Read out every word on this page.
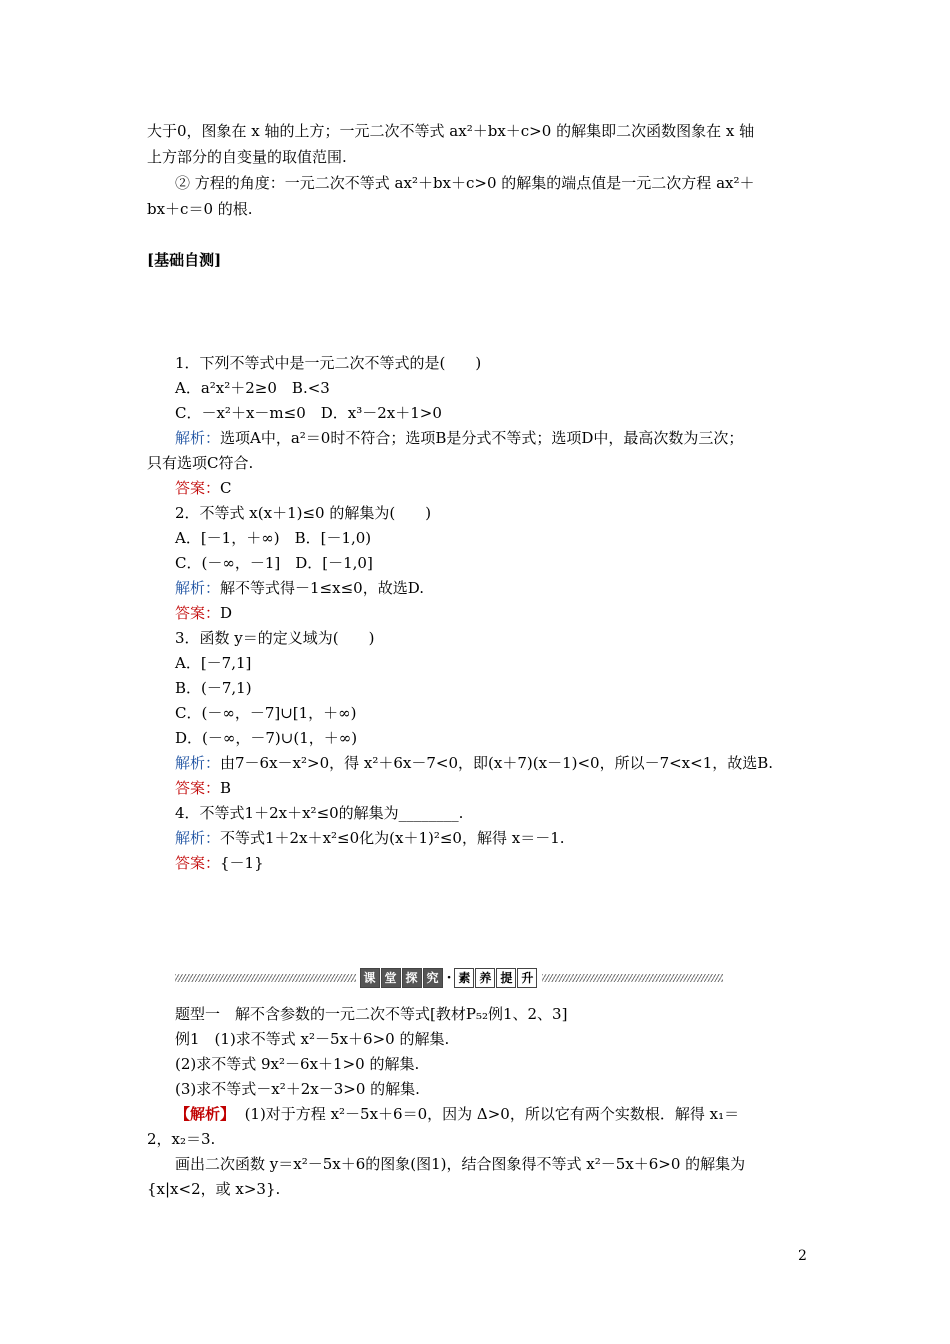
大于0，图象在 x 轴的上方；一元二次不等式 ax²＋bx＋c>0 的解集即二次函数图象在 x 轴
上方部分的自变量的取值范围.
② 方程的角度：一元二次不等式 ax²＋bx＋c>0 的解集的端点值是一元二次方程 ax²＋
bx＋c＝0 的根.
[基础自测]
1．下列不等式中是一元二次不等式的是(　　)
A．a²x²＋2≥0　B.<3
C．－x²＋x－m≤0　D．x³－2x＋1>0
解析：选项A中，a²＝0时不符合；选项B是分式不等式；选项D中，最高次数为三次；
只有选项C符合.
答案：C
2．不等式 x(x＋1)≤0 的解集为(　　)
A．[－1，＋∞)　B．[－1,0)
C．(－∞，－1]　D．[－1,0]
解析：解不等式得－1≤x≤0，故选D.
答案：D
3．函数 y＝的定义域为(　　)
A．[－7,1]
B．(－7,1)
C．(－∞，－7]∪[1，＋∞)
D．(－∞，－7)∪(1，＋∞)
解析：由7－6x－x²>0，得 x²＋6x－7<0，即(x＋7)(x－1)<0，所以－7<x<1，故选B.
答案：B
4．不等式1＋2x＋x²≤0的解集为________.
解析：不等式1＋2x＋x²≤0化为(x＋1)²≤0，解得 x＝－1.
答案：{－1}
课 堂 探 究 · 素 养 提 升
题型一　解不含参数的一元二次不等式[教材P₅₂例1、2、3]
例1　(1)求不等式 x²－5x＋6>0 的解集.
(2)求不等式 9x²－6x＋1>0 的解集.
(3)求不等式－x²＋2x－3>0 的解集.
【解析】 (1)对于方程 x²－5x＋6＝0，因为 Δ>0，所以它有两个实数根．解得 x₁＝
2，x₂＝3.
画出二次函数 y＝x²－5x＋6的图象(图1)，结合图象得不等式 x²－5x＋6>0 的解集为
{x|x<2，或 x>3}.
2
